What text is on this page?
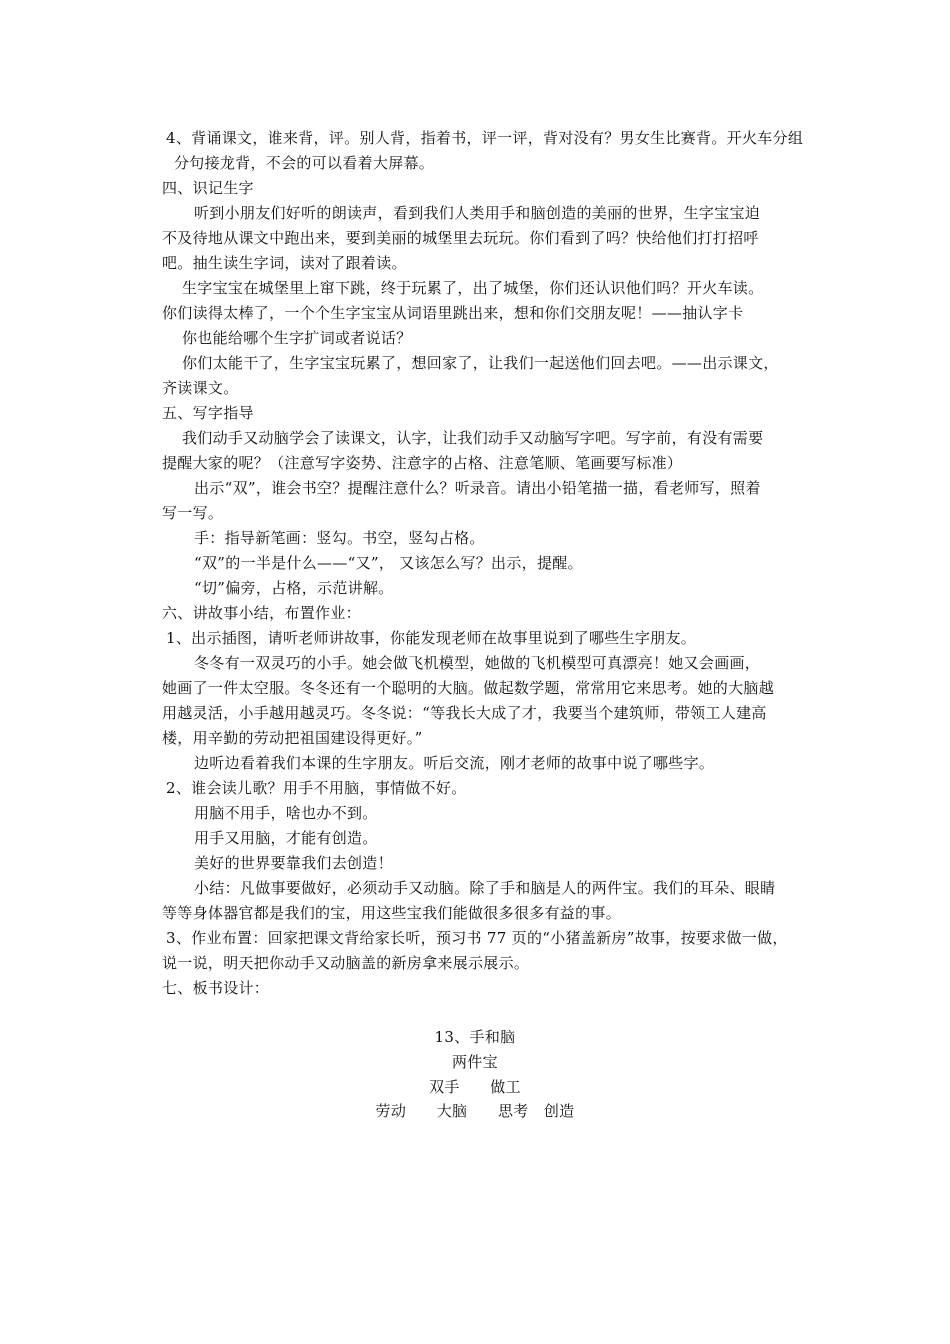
4、背诵课文，谁来背，评。别人背，指着书，评一评，背对没有？男女生比赛背。开火车分组
分句接龙背，不会的可以看着大屏幕。
四、识记生字
听到小朋友们好听的朗读声，看到我们人类用手和脑创造的美丽的世界，生字宝宝迫
不及待地从课文中跑出来，要到美丽的城堡里去玩玩。你们看到了吗？快给他们打打招呼
吧。抽生读生字词，读对了跟着读。
生字宝宝在城堡里上窜下跳，终于玩累了，出了城堡，你们还认识他们吗？开火车读。
你们读得太棒了，一个个生字宝宝从词语里跳出来，想和你们交朋友呢！——抽认字卡
你也能给哪个生字扩词或者说话？
你们太能干了，生字宝宝玩累了，想回家了，让我们一起送他们回去吧。——出示课文，
齐读课文。
五、写字指导
我们动手又动脑学会了读课文，认字，让我们动手又动脑写字吧。写字前，有没有需要
提醒大家的呢？（注意写字姿势、注意字的占格、注意笔顺、笔画要写标准）
出示“双”，谁会书空？提醒注意什么？听录音。请出小铅笔描一描，看老师写，照着
写一写。
手：指导新笔画：竖勾。书空，竖勾占格。
“双”的一半是什么——“又”， 又该怎么写？出示，提醒。
“切”偏旁，占格，示范讲解。
六、讲故事小结，布置作业：
1、出示插图，请听老师讲故事，你能发现老师在故事里说到了哪些生字朋友。
冬冬有一双灵巧的小手。她会做飞机模型，她做的飞机模型可真漂亮！她又会画画，
她画了一件太空服。冬冬还有一个聪明的大脑。做起数学题，常常用它来思考。她的大脑越
用越灵活，小手越用越灵巧。冬冬说：“等我长大成了才，我要当个建筑师，带领工人建高
楼，用辛勤的劳动把祖国建设得更好。”
边听边看着我们本课的生字朋友。听后交流，刚才老师的故事中说了哪些字。
2、谁会读儿歌？用手不用脑，事情做不好。
用脑不用手，啥也办不到。
用手又用脑，才能有创造。
美好的世界要靠我们去创造！
小结：凡做事要做好，必须动手又动脑。除了手和脑是人的两件宝。我们的耳朵、眼睛
等等身体器官都是我们的宝，用这些宝我们能做很多很多有益的事。
3、作业布置：回家把课文背给家长听，预习书 77 页的“小猪盖新房”故事，按要求做一做，
说一说，明天把你动手又动脑盖的新房拿来展示展示。
七、板书设计：
13、手和脑
两件宝
双手　　做工
劳动　　大脑　　思考　创造
